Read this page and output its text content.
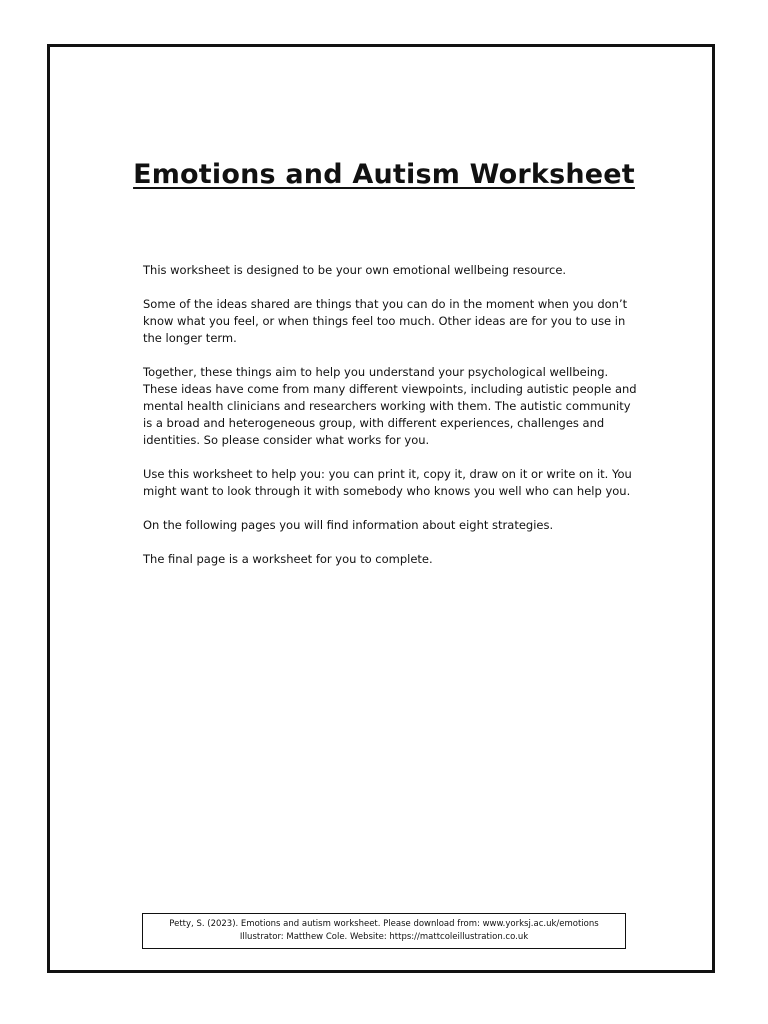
Emotions and Autism Worksheet

This worksheet is designed to be your own emotional wellbeing resource.

Some of the ideas shared are things that you can do in the moment when you don’t know what you feel, or when things feel too much. Other ideas are for you to use in the longer term.

Together, these things aim to help you understand your psychological wellbeing. These ideas have come from many different viewpoints, including autistic people and mental health clinicians and researchers working with them. The autistic community is a broad and heterogeneous group, with different experiences, challenges and identities. So please consider what works for you.

Use this worksheet to help you: you can print it, copy it, draw on it or write on it. You might want to look through it with somebody who knows you well who can help you.

On the following pages you will find information about eight strategies.

The final page is a worksheet for you to complete.

Petty, S. (2023). Emotions and autism worksheet. Please download from: www.yorksj.ac.uk/emotions
Illustrator: Matthew Cole. Website: https://mattcoleillustration.co.uk
